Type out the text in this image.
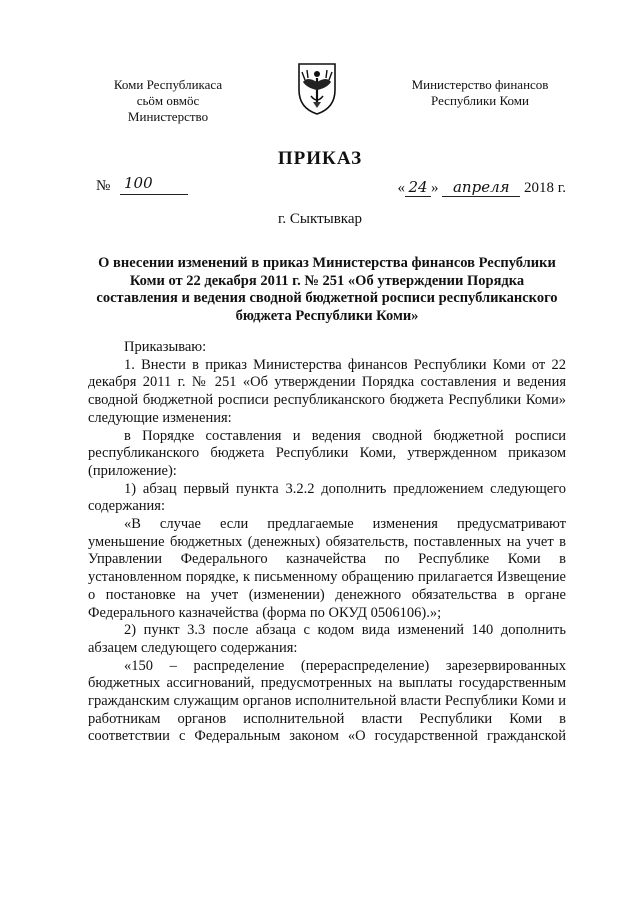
Коми Республикаса
сьӧм овмӧс
Министерство
Министерство финансов
Республики Коми
ПРИКАЗ
№ 100	« 24 » апреля 2018 г.
г. Сыктывкар
О внесении изменений в приказ Министерства финансов Республики Коми от 22 декабря 2011 г. № 251 «Об утверждении Порядка составления и ведения сводной бюджетной росписи республиканского бюджета Республики Коми»

Приказываю:

1. Внести в приказ Министерства финансов Республики Коми от 22 декабря 2011 г. № 251 «Об утверждении Порядка составления и ведения сводной бюджетной росписи республиканского бюджета Республики Коми» следующие изменения:

в Порядке составления и ведения сводной бюджетной росписи республиканского бюджета Республики Коми, утвержденном приказом (приложение):

1) абзац первый пункта 3.2.2 дополнить предложением следующего содержания:

«В случае если предлагаемые изменения предусматривают уменьшение бюджетных (денежных) обязательств, поставленных на учет в Управлении Федерального казначейства по Республике Коми в установленном порядке, к письменному обращению прилагается Извещение о постановке на учет (изменении) денежного обязательства в органе Федерального казначейства (форма по ОКУД 0506106).»;

2) пункт 3.3 после абзаца с кодом вида изменений 140 дополнить абзацем следующего содержания:

«150 – распределение (перераспределение) зарезервированных бюджетных ассигнований, предусмотренных на выплаты государственным гражданским служащим органов исполнительной власти Республики Коми и работникам органов исполнительной власти Республики Коми в соответствии с Федеральным законом «О государственной гражданской
